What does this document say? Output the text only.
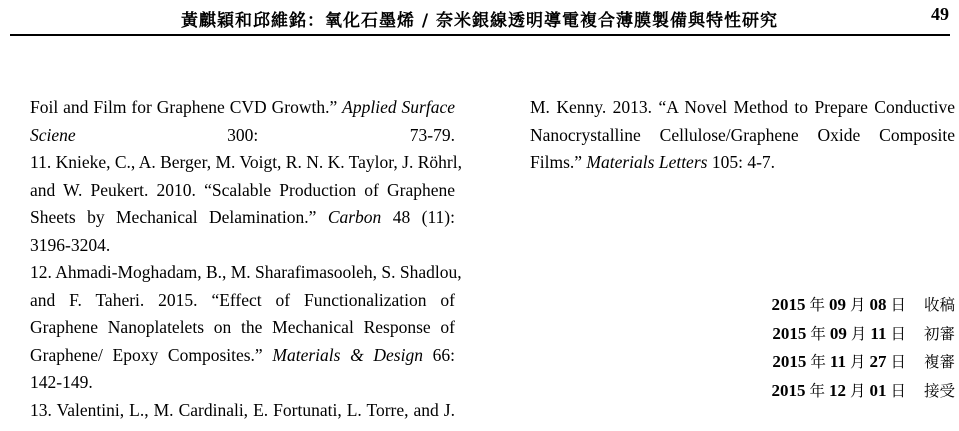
黃麒穎和邱維銘：氧化石墨烯 / 奈米銀線透明導電複合薄膜製備與特性研究	49
Foil and Film for Graphene CVD Growth.” Applied Surface
Sciene 300: 73-79.
11. Knieke, C., A. Berger, M. Voigt, R. N. K. Taylor, J. Röhrl,
and W. Peukert. 2010. “Scalable Production of Graphene
Sheets by Mechanical Delamination.” Carbon 48 (11):
3196-3204.
12. Ahmadi-Moghadam, B., M. Sharafimasooleh, S. Shadlou,
and F. Taheri. 2015. “Effect of Functionalization of
Graphene Nanoplatelets on the Mechanical Response of
Graphene/ Epoxy Composites.” Materials & Design 66:
142-149.
13. Valentini, L., M. Cardinali, E. Fortunati, L. Torre, and J.
M. Kenny. 2013. “A Novel Method to Prepare Conductive
Nanocrystalline Cellulose/Graphene Oxide Composite
Films.” Materials Letters 105: 4-7.
2015 年 09 月 08 日 收稿
2015 年 09 月 11 日 初審
2015 年 11 月 27 日 複審
2015 年 12 月 01 日 接受
